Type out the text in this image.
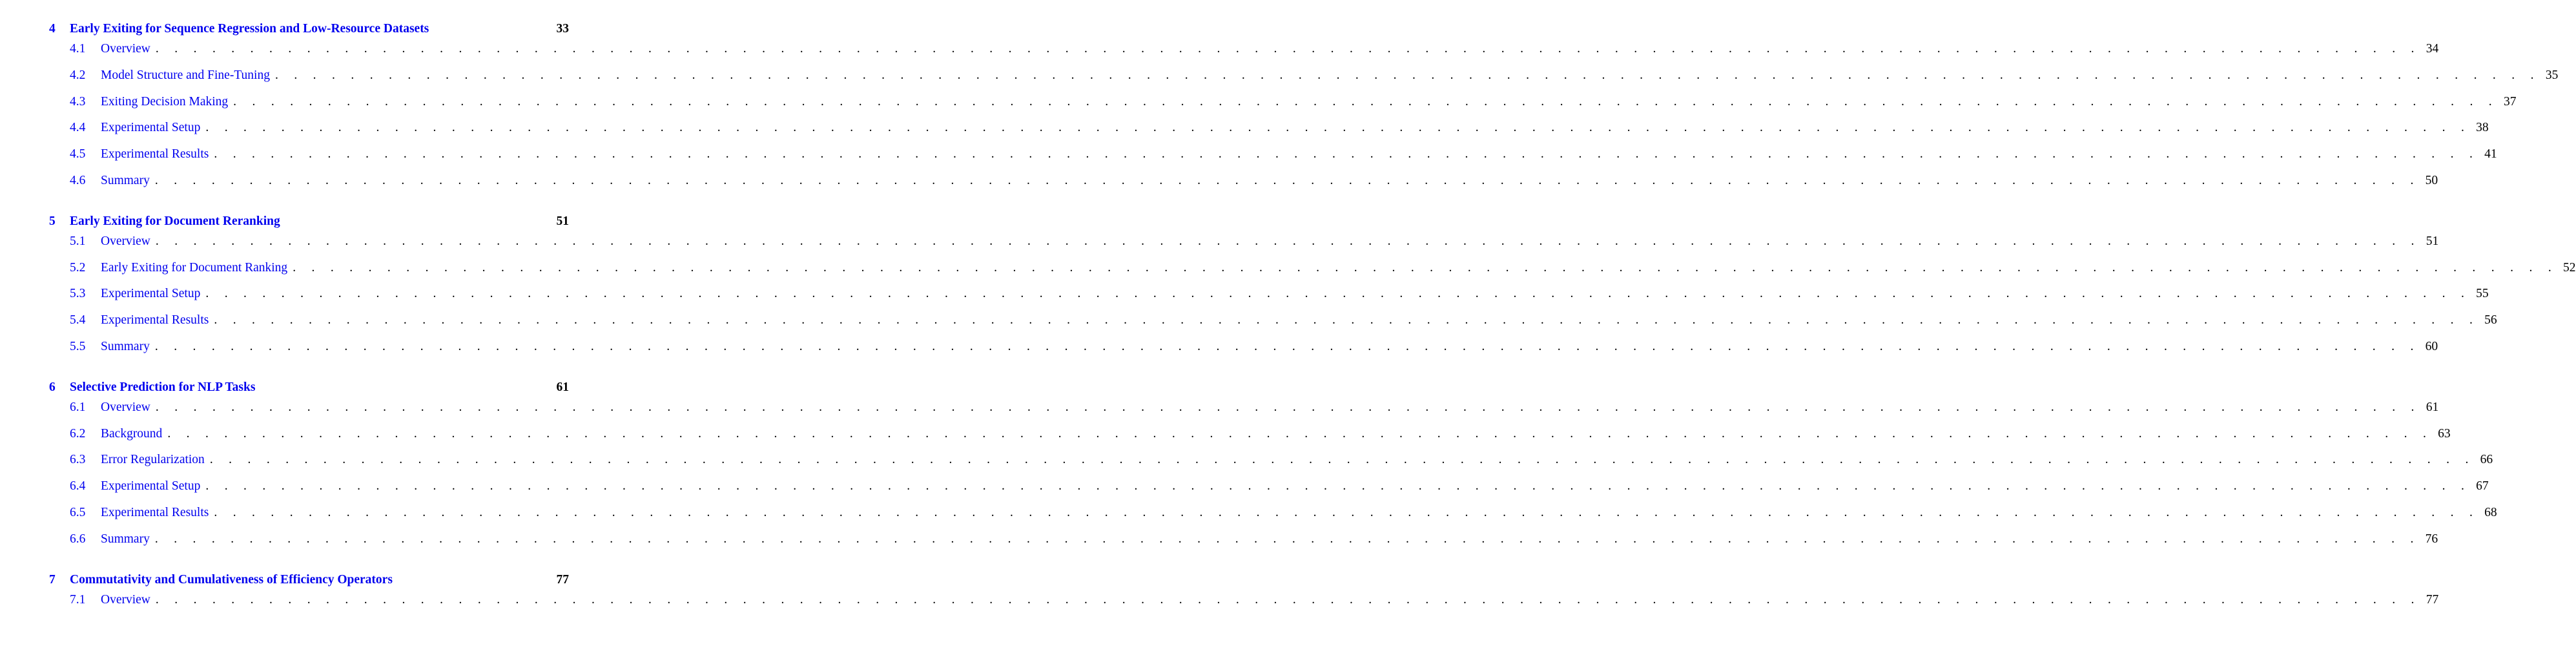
4	Early Exiting for Sequence Regression and Low-Resource Datasets	33
4.1	Overview . . . . . . . . . . . . . . . . . . . . . . . . . . . . . . . . . . . . . . . . . . . . . . . . . . . . . . . . . . . . . . . . . . . . . . . . . . . . . . . . . . . . . . . . . . . . . . . . . . . . . . . . . . . . . . . . . . . . . . . . 34
4.2	Model Structure and Fine-Tuning . . . . . . . . . . . . . . . . . . . . . . . . . . . . . . . . . . . . . . . . . . . . . . . . . . . . . . . . . . . . . . . . . . . . . . . . . . . . . . . . . . . . . . . . . . . . . . . . . . . . . . . . . . . . . . . . . . . . . . . . 35
4.3	Exiting Decision Making . . . . . . . . . . . . . . . . . . . . . . . . . . . . . . . . . . . . . . . . . . . . . . . . . . . . . . . . . . . . . . . . . . . . . . . . . . . . . . . . . . . . . . . . . . . . . . . . . . . . . . . . . . . . . . . . . . . . . . . . 37
4.4	Experimental Setup . . . . . . . . . . . . . . . . . . . . . . . . . . . . . . . . . . . . . . . . . . . . . . . . . . . . . . . . . . . . . . . . . . . . . . . . . . . . . . . . . . . . . . . . . . . . . . . . . . . . . . . . . . . . . . . . . . . . . . . . 38
4.5	Experimental Results . . . . . . . . . . . . . . . . . . . . . . . . . . . . . . . . . . . . . . . . . . . . . . . . . . . . . . . . . . . . . . . . . . . . . . . . . . . . . . . . . . . . . . . . . . . . . . . . . . . . . . . . . . . . . . . . . . . . . . . . 41
4.6	Summary . . . . . . . . . . . . . . . . . . . . . . . . . . . . . . . . . . . . . . . . . . . . . . . . . . . . . . . . . . . . . . . . . . . . . . . . . . . . . . . . . . . . . . . . . . . . . . . . . . . . . . . . . . . . . . . . . . . . . . . . 50
5	Early Exiting for Document Reranking	51
5.1	Overview . . . . . . . . . . . . . . . . . . . . . . . . . . . . . . . . . . . . . . . . . . . . . . . . . . . . . . . . . . . . . . . . . . . . . . . . . . . . . . . . . . . . . . . . . . . . . . . . . . . . . . . . . . . . . . . . . . . . . . . . 51
5.2	Early Exiting for Document Ranking . . . . . . . . . . . . . . . . . . . . . . . . . . . . . . . . . . . . . . . . . . . . . . . . . . . . . . . . . . . . . . . . . . . . . . . . . . . . . . . . . . . . . . . . . . . . . . . . . . . . . . . . . . . . . . . . . . . . . . . . 52
5.3	Experimental Setup . . . . . . . . . . . . . . . . . . . . . . . . . . . . . . . . . . . . . . . . . . . . . . . . . . . . . . . . . . . . . . . . . . . . . . . . . . . . . . . . . . . . . . . . . . . . . . . . . . . . . . . . . . . . . . . . . . . . . . . . 55
5.4	Experimental Results . . . . . . . . . . . . . . . . . . . . . . . . . . . . . . . . . . . . . . . . . . . . . . . . . . . . . . . . . . . . . . . . . . . . . . . . . . . . . . . . . . . . . . . . . . . . . . . . . . . . . . . . . . . . . . . . . . . . . . . . 56
5.5	Summary . . . . . . . . . . . . . . . . . . . . . . . . . . . . . . . . . . . . . . . . . . . . . . . . . . . . . . . . . . . . . . . . . . . . . . . . . . . . . . . . . . . . . . . . . . . . . . . . . . . . . . . . . . . . . . . . . . . . . . . . 60
6	Selective Prediction for NLP Tasks	61
6.1	Overview . . . . . . . . . . . . . . . . . . . . . . . . . . . . . . . . . . . . . . . . . . . . . . . . . . . . . . . . . . . . . . . . . . . . . . . . . . . . . . . . . . . . . . . . . . . . . . . . . . . . . . . . . . . . . . . . . . . . . . . . 61
6.2	Background . . . . . . . . . . . . . . . . . . . . . . . . . . . . . . . . . . . . . . . . . . . . . . . . . . . . . . . . . . . . . . . . . . . . . . . . . . . . . . . . . . . . . . . . . . . . . . . . . . . . . . . . . . . . . . . . . . . . . . . . 63
6.3	Error Regularization . . . . . . . . . . . . . . . . . . . . . . . . . . . . . . . . . . . . . . . . . . . . . . . . . . . . . . . . . . . . . . . . . . . . . . . . . . . . . . . . . . . . . . . . . . . . . . . . . . . . . . . . . . . . . . . . . . . . . . . . 66
6.4	Experimental Setup . . . . . . . . . . . . . . . . . . . . . . . . . . . . . . . . . . . . . . . . . . . . . . . . . . . . . . . . . . . . . . . . . . . . . . . . . . . . . . . . . . . . . . . . . . . . . . . . . . . . . . . . . . . . . . . . . . . . . . . . 67
6.5	Experimental Results . . . . . . . . . . . . . . . . . . . . . . . . . . . . . . . . . . . . . . . . . . . . . . . . . . . . . . . . . . . . . . . . . . . . . . . . . . . . . . . . . . . . . . . . . . . . . . . . . . . . . . . . . . . . . . . . . . . . . . . . 68
6.6	Summary . . . . . . . . . . . . . . . . . . . . . . . . . . . . . . . . . . . . . . . . . . . . . . . . . . . . . . . . . . . . . . . . . . . . . . . . . . . . . . . . . . . . . . . . . . . . . . . . . . . . . . . . . . . . . . . . . . . . . . . . 76
7	Commutativity and Cumulativeness of Efficiency Operators	77
7.1	Overview . . . . . . . . . . . . . . . . . . . . . . . . . . . . . . . . . . . . . . . . . . . . . . . . . . . . . . . . . . . . . . . . . . . . . . . . . . . . . . . . . . . . . . . . . . . . . . . . . . . . . . . . . . . . . . . . . . . . . . . . 77
